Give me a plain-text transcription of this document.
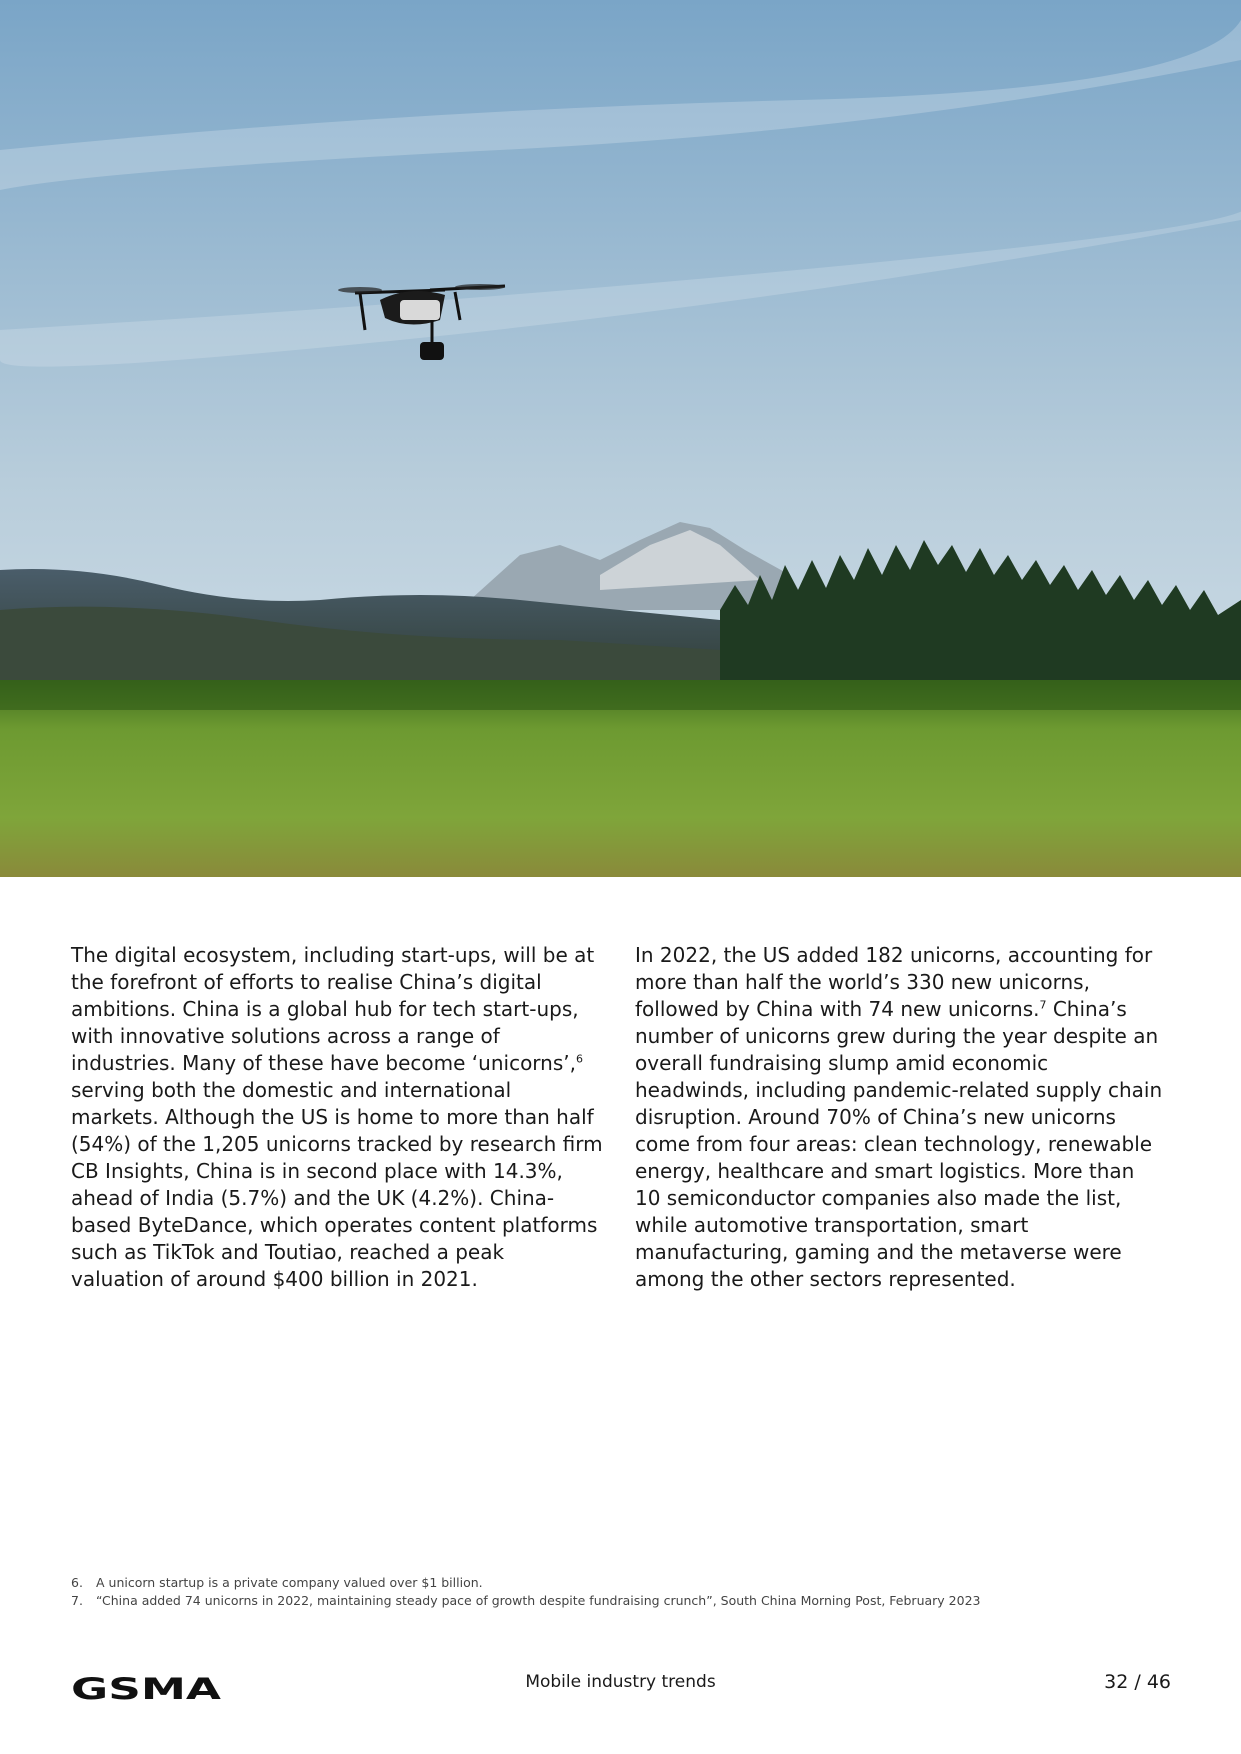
The digital ecosystem, including start-ups, will be at the forefront of efforts to realise China’s digital ambitions. China is a global hub for tech start-ups, with innovative solutions across a range of industries. Many of these have become ‘unicorns’,$^6$ serving both the domestic and international markets. Although the US is home to more than half (54%) of the 1,205 unicorns tracked by research firm CB Insights, China is in second place with 14.3%, ahead of India (5.7%) and the UK (4.2%). China-based ByteDance, which operates content platforms such as TikTok and Toutiao, reached a peak valuation of around $400 billion in 2021.

In 2022, the US added 182 unicorns, accounting for more than half the world’s 330 new unicorns, followed by China with 74 new unicorns.$^7$ China’s number of unicorns grew during the year despite an overall fundraising slump amid economic headwinds, including pandemic-related supply chain disruption. Around 70% of China’s new unicorns come from four areas: clean technology, renewable energy, healthcare and smart logistics. More than 10 semiconductor companies also made the list, while automotive transportation, smart manufacturing, gaming and the metaverse were among the other sectors represented.

6.	A unicorn startup is a private company valued over $1 billion.
7.	“China added 74 unicorns in 2022, maintaining steady pace of growth despite fundraising crunch”, South China Morning Post, February 2023
GSMA	Mobile industry trends	32 / 46
